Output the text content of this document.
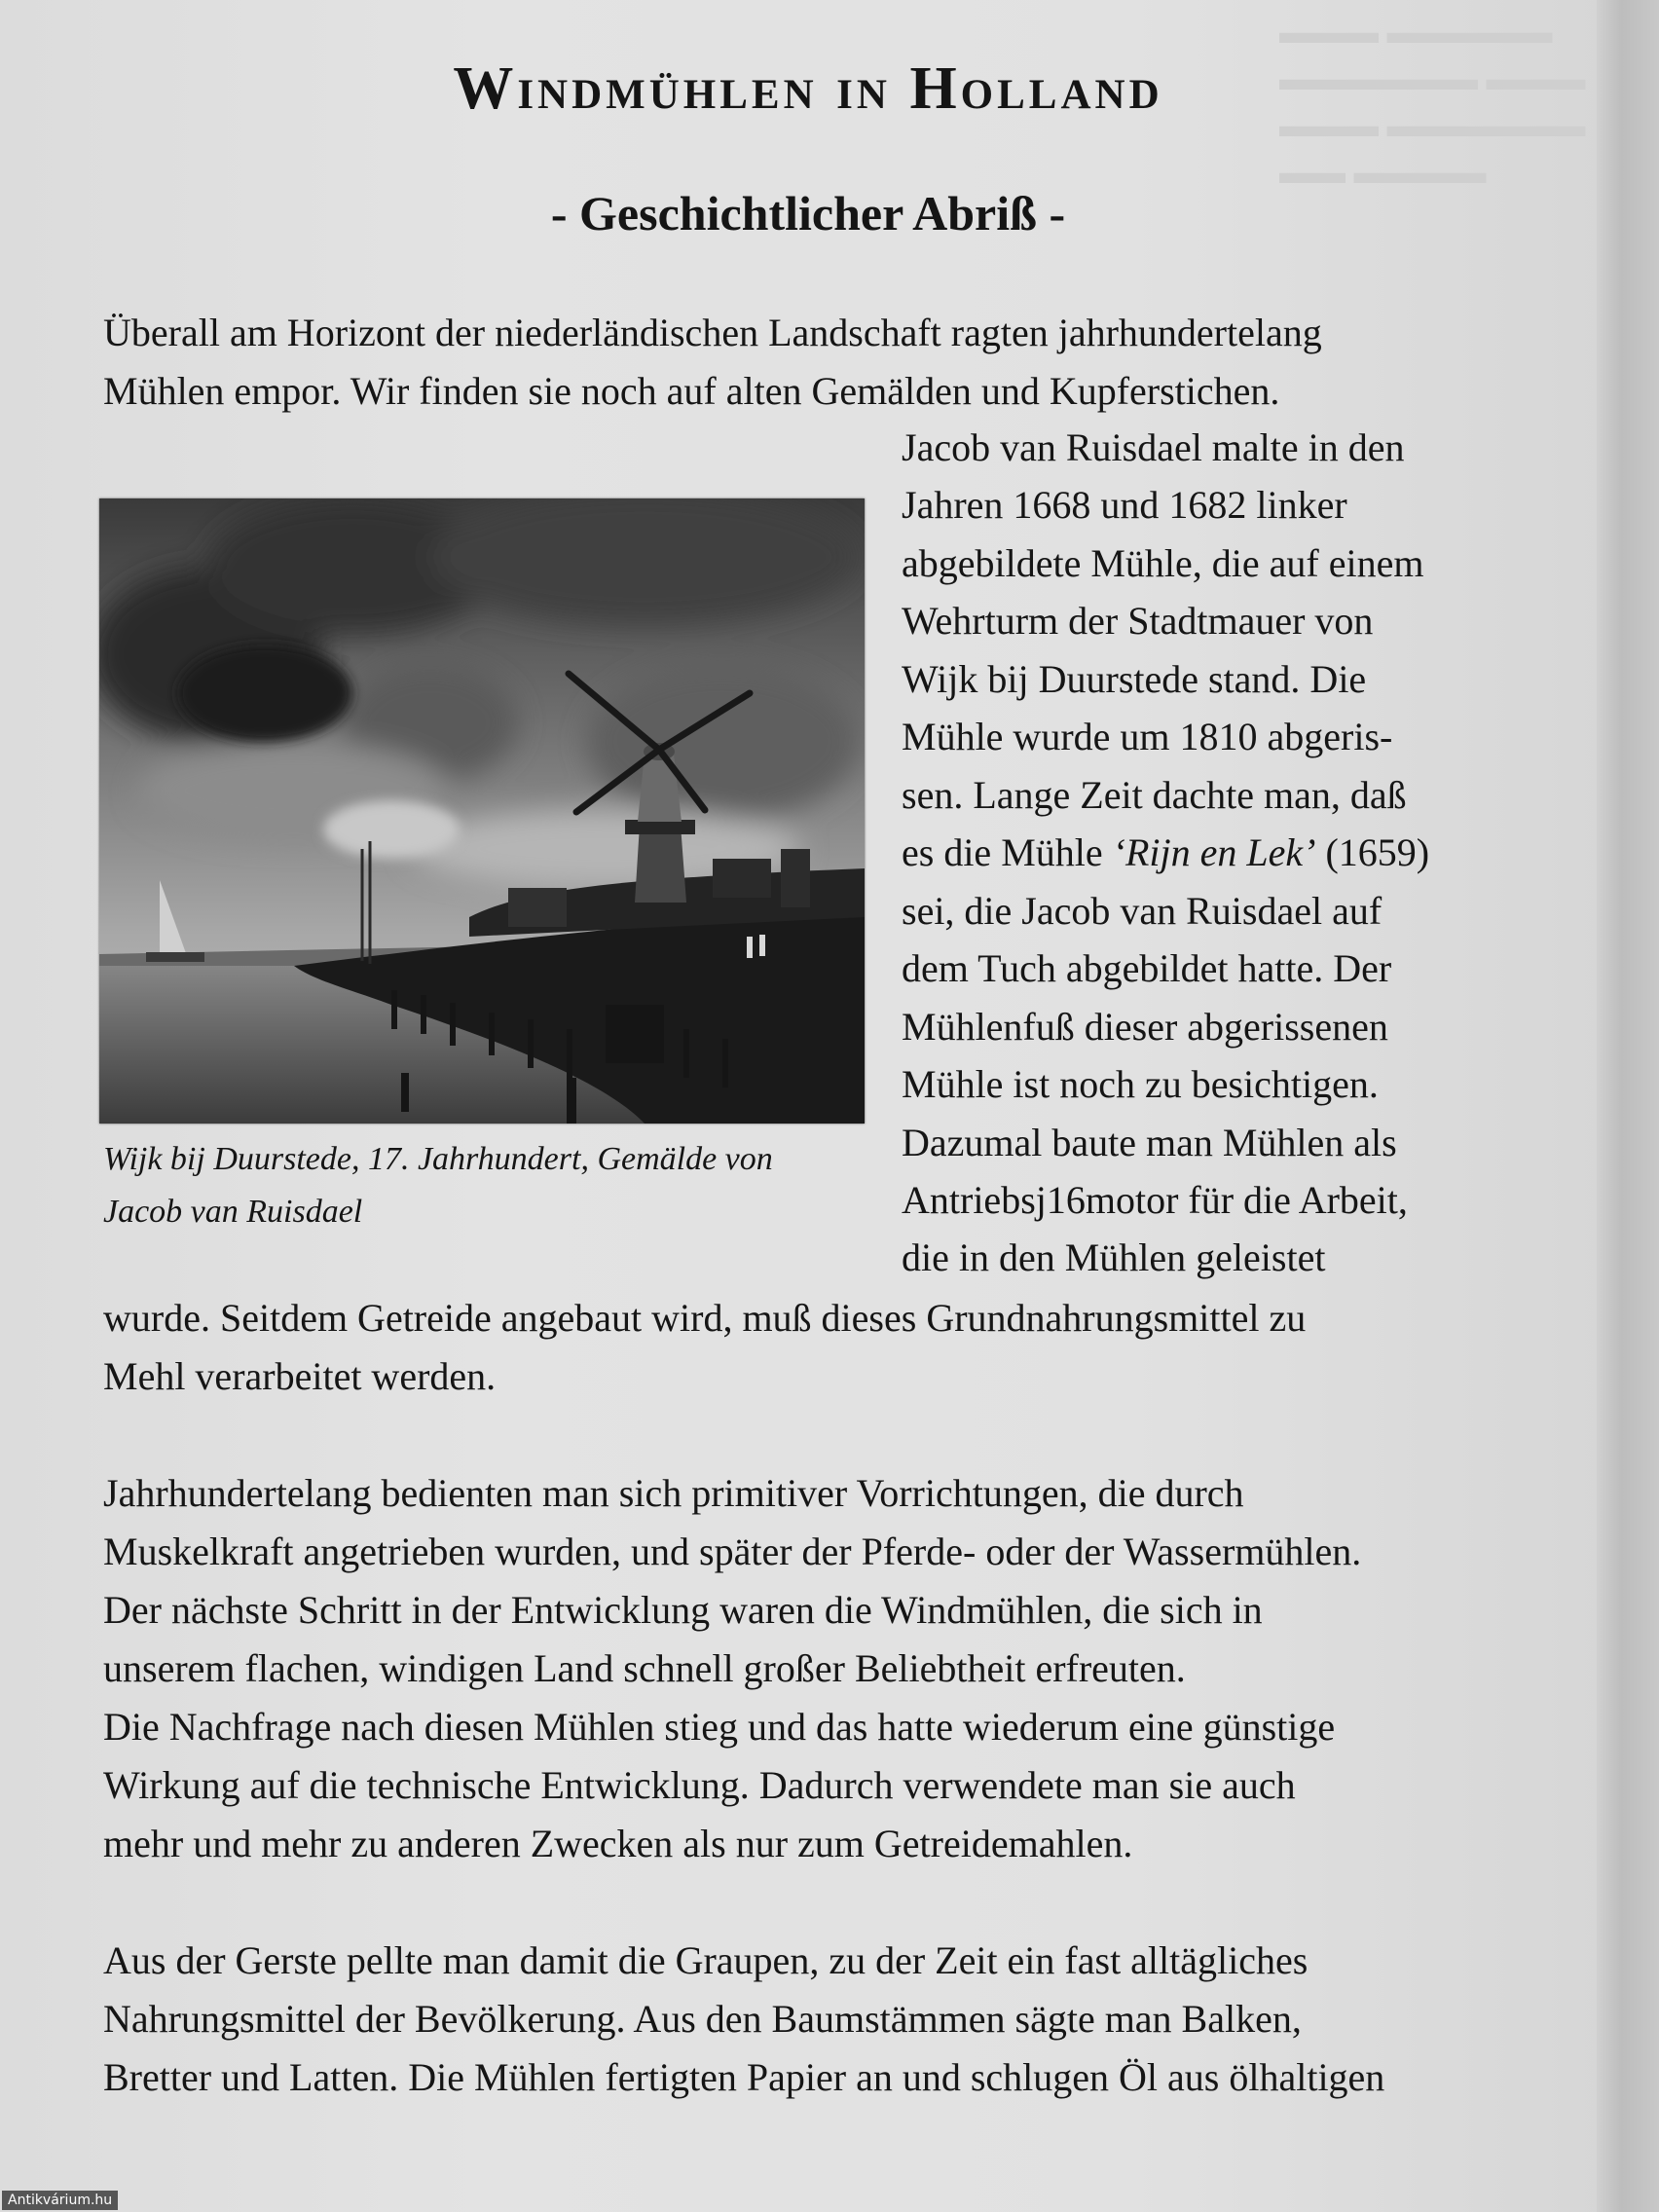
▬▬▬ ▬▬▬▬▬
▬▬▬▬▬▬ ▬▬▬
▬▬▬ ▬▬▬▬▬▬
▬▬ ▬▬▬▬
Windmühlen in Holland
- Geschichtlicher Abriß -

Überall am Horizont der niederländischen Landschaft ragten jahrhundertelang

Mühlen empor. Wir finden sie noch auf alten Gemälden und Kupferstichen.

Jacob van Ruisdael malte in den

Jahren 1668 und 1682 linker

abgebildete Mühle, die auf einem

Wehrturm der Stadtmauer von

Wijk bij Duurstede stand. Die

Mühle wurde um 1810 abgeris-

sen. Lange Zeit dachte man, daß

es die Mühle ‘Rijn en Lek’ (1659)

sei, die Jacob van Ruisdael auf

dem Tuch abgebildet hatte. Der

Mühlenfuß dieser abgerissenen

Mühle ist noch zu besichtigen.

Dazumal baute man Mühlen als

Antriebsj16motor für die Arbeit,

die in den Mühlen geleistet

wurde. Seitdem Getreide angebaut wird, muß dieses Grundnahrungsmittel zu

Mehl verarbeitet werden.

Wijk bij Duurstede, 17. Jahrhundert, Gemälde von

Jacob van Ruisdael

Jahrhundertelang bedienten man sich primitiver Vorrichtungen, die durch

Muskelkraft angetrieben wurden, und später der Pferde- oder der Wassermühlen.

Der nächste Schritt in der Entwicklung waren die Windmühlen, die sich in

unserem flachen, windigen Land schnell großer Beliebtheit erfreuten.

Die Nachfrage nach diesen Mühlen stieg und das hatte wiederum eine günstige

Wirkung auf die technische Entwicklung. Dadurch verwendete man sie auch

mehr und mehr zu anderen Zwecken als nur zum Getreidemahlen.

Aus der Gerste pellte man damit die Graupen, zu der Zeit ein fast alltägliches

Nahrungsmittel der Bevölkerung. Aus den Baumstämmen sägte man Balken,

Bretter und Latten. Die Mühlen fertigten Papier an und schlugen Öl aus ölhaltigen

Antikvárium.hu
